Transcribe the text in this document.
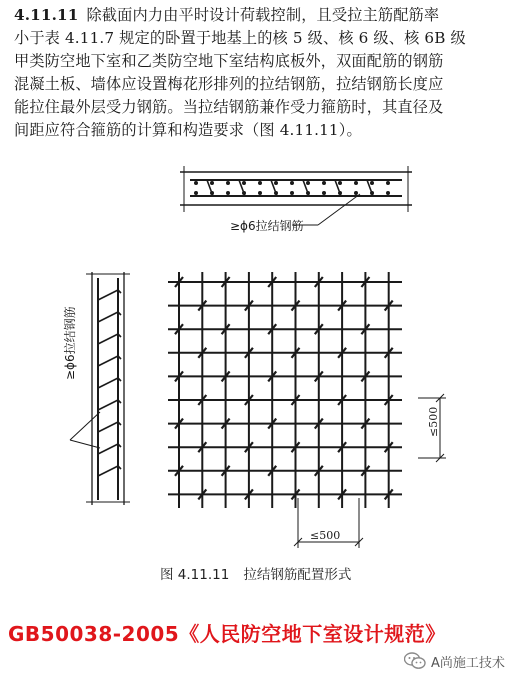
4.11.11 除截面内力由平时设计荷载控制，且受拉主筋配筋率
小于表 4.11.7 规定的卧置于地基上的核 5 级、核 6 级、核 6B 级
甲类防空地下室和乙类防空地下室结构底板外，双面配筋的钢筋
混凝土板、墙体应设置梅花形排列的拉结钢筋，拉结钢筋长度应
能拉住最外层受力钢筋。当拉结钢筋兼作受力箍筋时，其直径及
间距应符合箍筋的计算和构造要求（图 4.11.11）。
≥ϕ6拉结钢筋
≥ϕ6拉结钢筋
≤500
≤500
图 4.11.11 拉结钢筋配置形式
GB50038-2005《人民防空地下室设计规范》
A尚施工技术
